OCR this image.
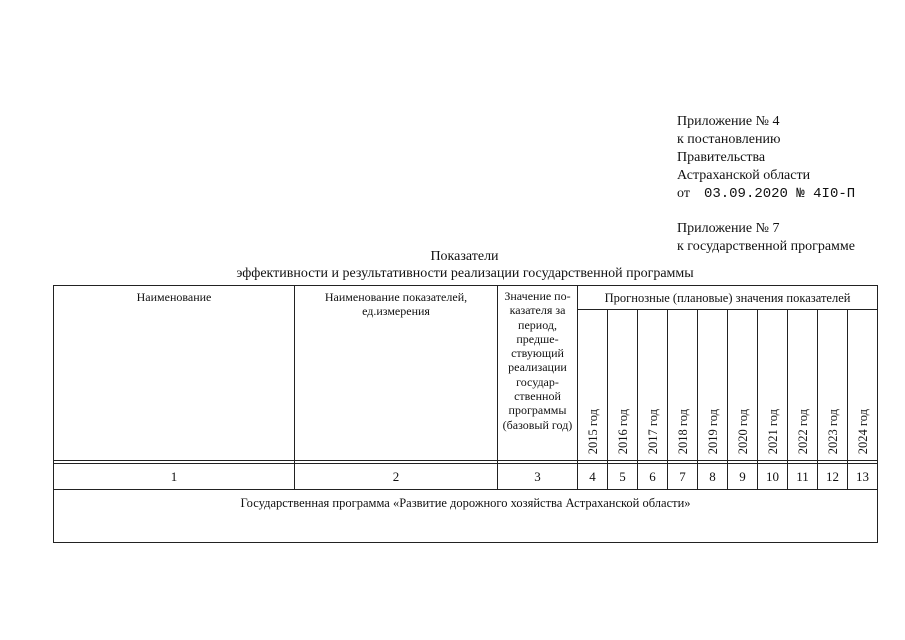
Приложение № 4
к постановлению
Правительства
Астраханской области
от 03.09.2020 № 4I0-П
Приложение № 7
к государственной программе
Показатели
эффективности и результативности реализации государственной программы
Наименование	Наименование показателей, ед.измерения	Значение по-казателя за период, предше-ствующий реализации государ-ственной программы (базовый год)	Прогнозные (плановые) значения показателей									

			2015 год	2016 год	2017 год	2018 год	2019 год	2020 год	2021 год	2022 год	2023 год	2024 год

1	2	3	4	5	6	7	8	9	10	11	12	13
Государственная программа «Развитие дорожного хозяйства Астраханской области»												
